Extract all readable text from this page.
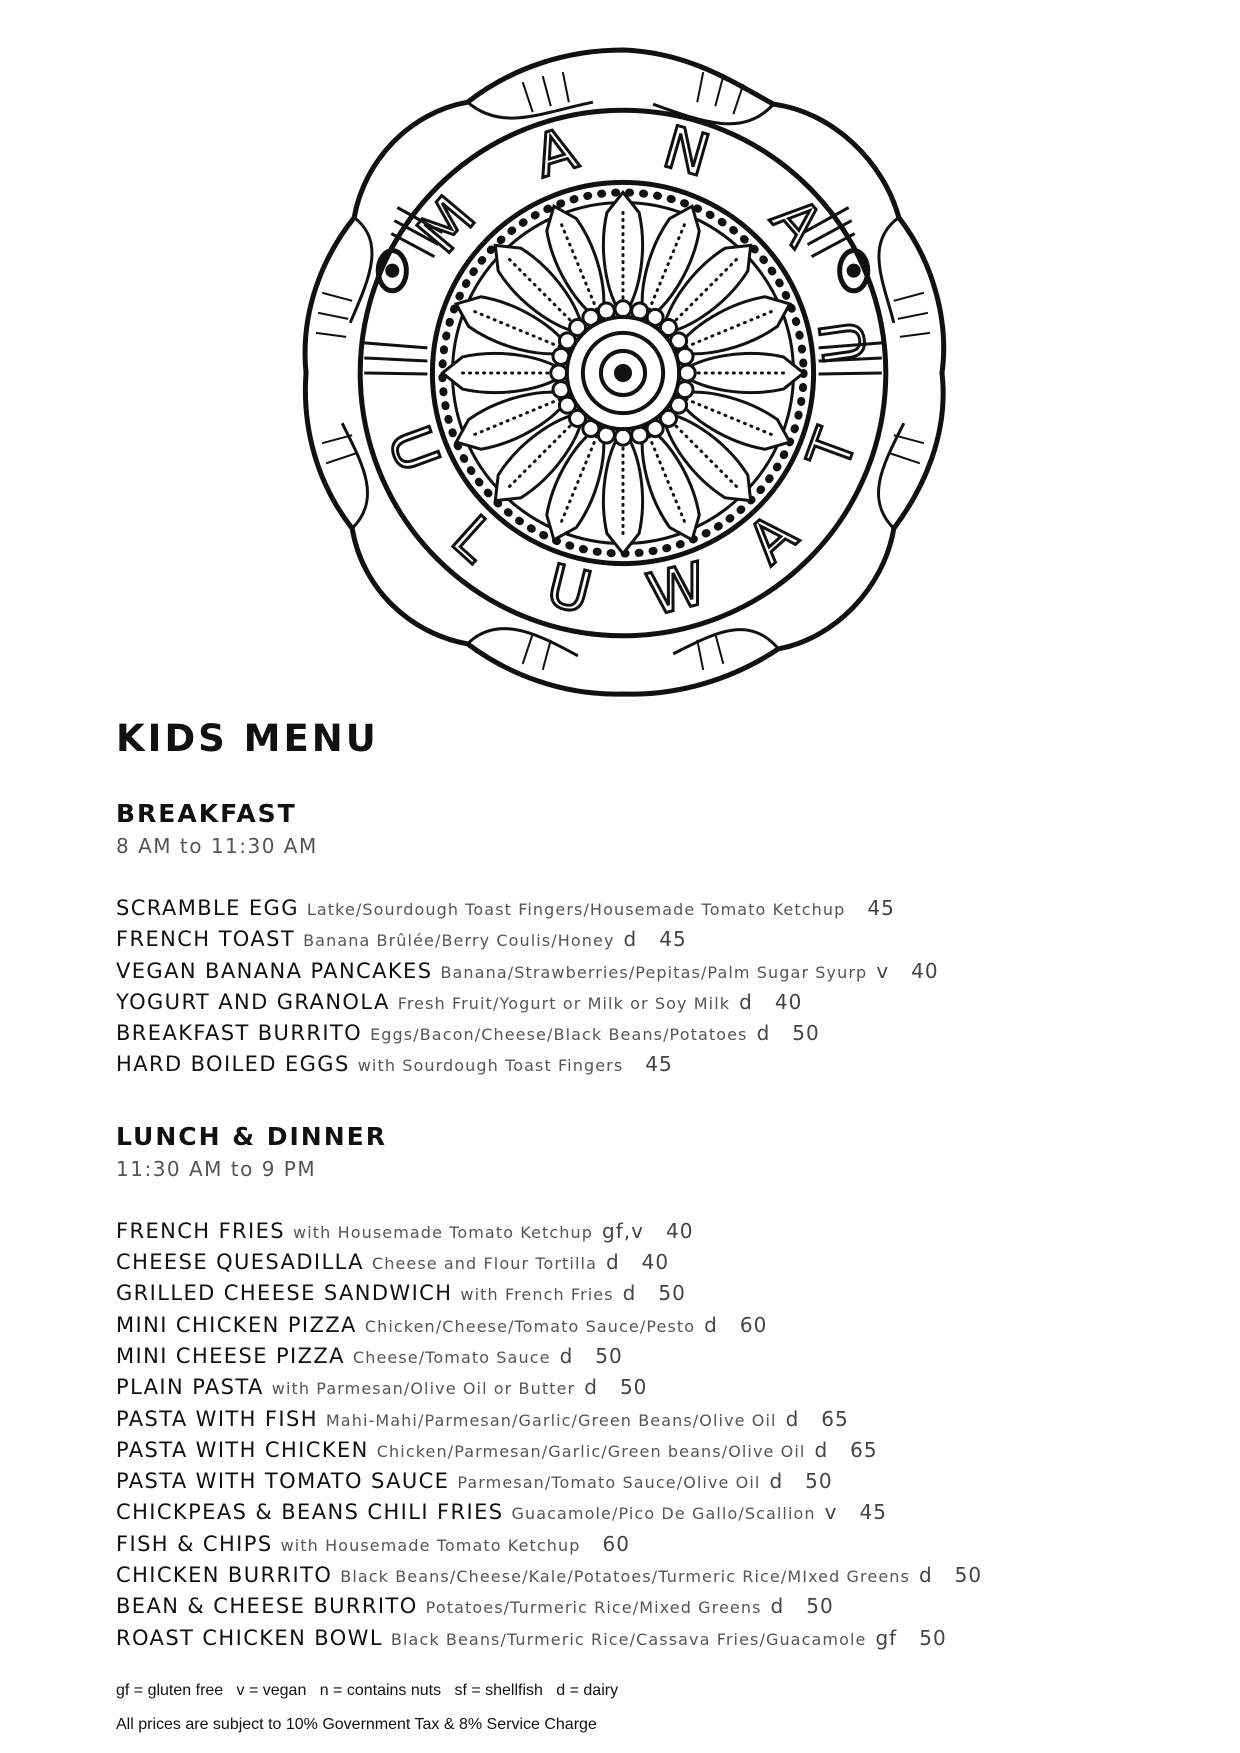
M
A N
A
U
L
U W
A
T
U
KIDS MENU
BREAKFAST
8 AM to 11:30 AM
SCRAMBLE EGG Latke/Sourdough Toast Fingers/Housemade Tomato Ketchup 45
FRENCH TOAST Banana Brûlée/Berry Coulis/Honey d 45
VEGAN BANANA PANCAKES Banana/Strawberries/Pepitas/Palm Sugar Syurp v 40
YOGURT AND GRANOLA Fresh Fruit/Yogurt or Milk or Soy Milk d 40
BREAKFAST BURRITO Eggs/Bacon/Cheese/Black Beans/Potatoes d 50
HARD BOILED EGGS with Sourdough Toast Fingers 45
LUNCH & DINNER
11:30 AM to 9 PM
FRENCH FRIES with Housemade Tomato Ketchup gf,v 40
CHEESE QUESADILLA Cheese and Flour Tortilla d 40
GRILLED CHEESE SANDWICH with French Fries d 50
MINI CHICKEN PIZZA Chicken/Cheese/Tomato Sauce/Pesto d 60
MINI CHEESE PIZZA Cheese/Tomato Sauce d 50
PLAIN PASTA with Parmesan/Olive Oil or Butter d 50
PASTA WITH FISH Mahi-Mahi/Parmesan/Garlic/Green Beans/Olive Oil d 65
PASTA WITH CHICKEN Chicken/Parmesan/Garlic/Green beans/Olive Oil d 65
PASTA WITH TOMATO SAUCE Parmesan/Tomato Sauce/Olive Oil d 50
CHICKPEAS & BEANS CHILI FRIES Guacamole/Pico De Gallo/Scallion v 45
FISH & CHIPS with Housemade Tomato Ketchup 60
CHICKEN BURRITO Black Beans/Cheese/Kale/Potatoes/Turmeric Rice/MIxed Greens d 50
BEAN & CHEESE BURRITO Potatoes/Turmeric Rice/Mixed Greens d 50
ROAST CHICKEN BOWL Black Beans/Turmeric Rice/Cassava Fries/Guacamole gf 50
gf = gluten free   v = vegan   n = contains nuts   sf = shellfish   d = dairy
All prices are subject to 10% Government Tax & 8% Service Charge
